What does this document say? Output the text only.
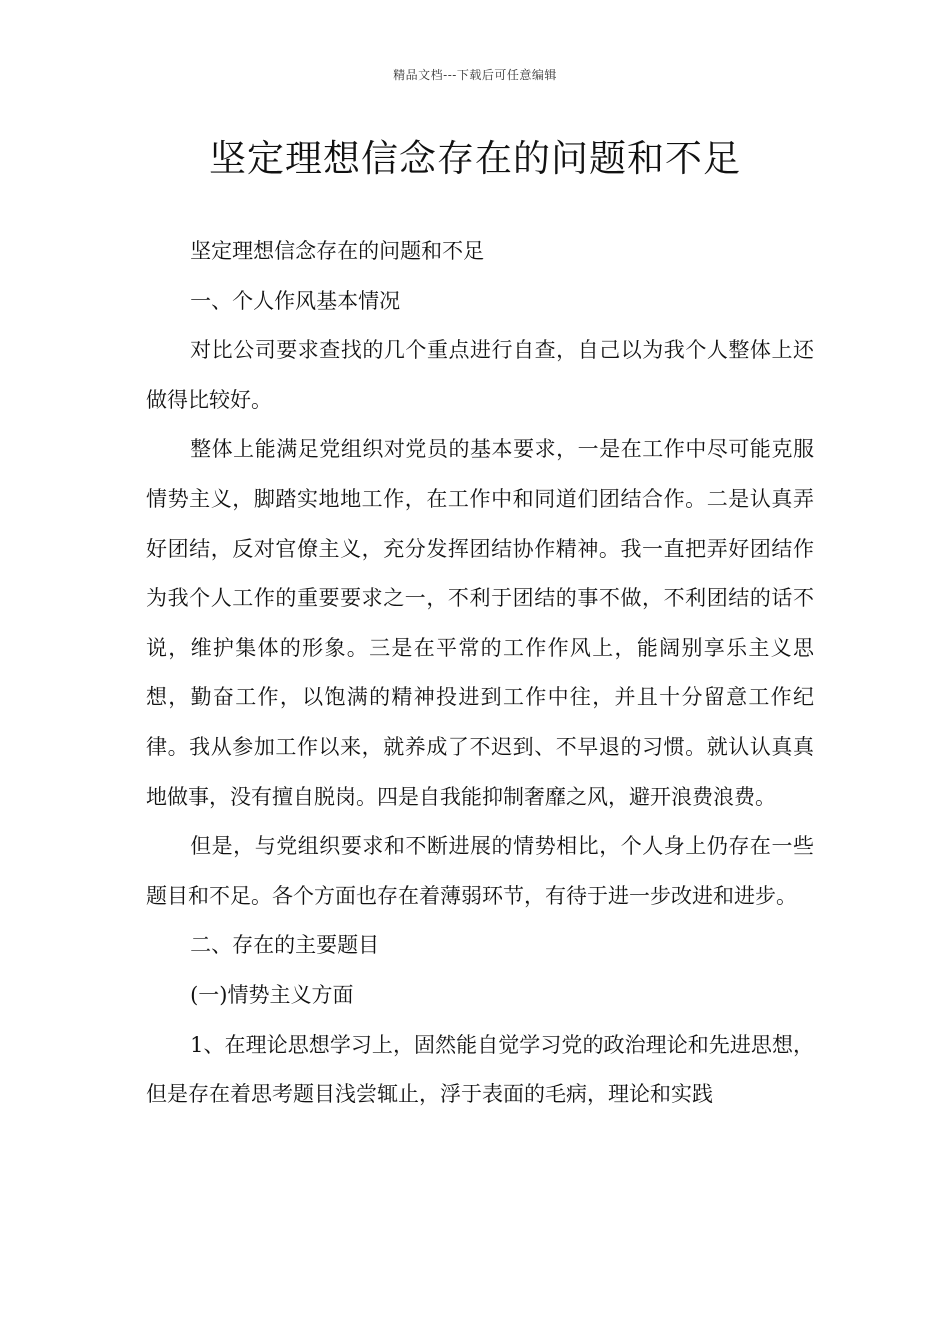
精品文档---下载后可任意编辑
坚定理想信念存在的问题和不足

坚定理想信念存在的问题和不足

一、个人作风基本情况

对比公司要求查找的几个重点进行自查，自己以为我个人整体上还做得比较好。

整体上能满足党组织对党员的基本要求，一是在工作中尽可能克服情势主义，脚踏实地地工作，在工作中和同道们团结合作。二是认真弄好团结，反对官僚主义，充分发挥团结协作精神。我一直把弄好团结作为我个人工作的重要要求之一，不利于团结的事不做，不利团结的话不说，维护集体的形象。三是在平常的工作作风上，能阔别享乐主义思想，勤奋工作，以饱满的精神投进到工作中往，并且十分留意工作纪律。我从参加工作以来，就养成了不迟到、不早退的习惯。就认认真真地做事，没有擅自脱岗。四是自我能抑制奢靡之风，避开浪费浪费。

但是，与党组织要求和不断进展的情势相比，个人身上仍存在一些题目和不足。各个方面也存在着薄弱环节，有待于进一步改进和进步。

二、存在的主要题目

(一)情势主义方面

1、在理论思想学习上，固然能自觉学习党的政治理论和先进思想，但是存在着思考题目浅尝辄止，浮于表面的毛病，理论和实践
